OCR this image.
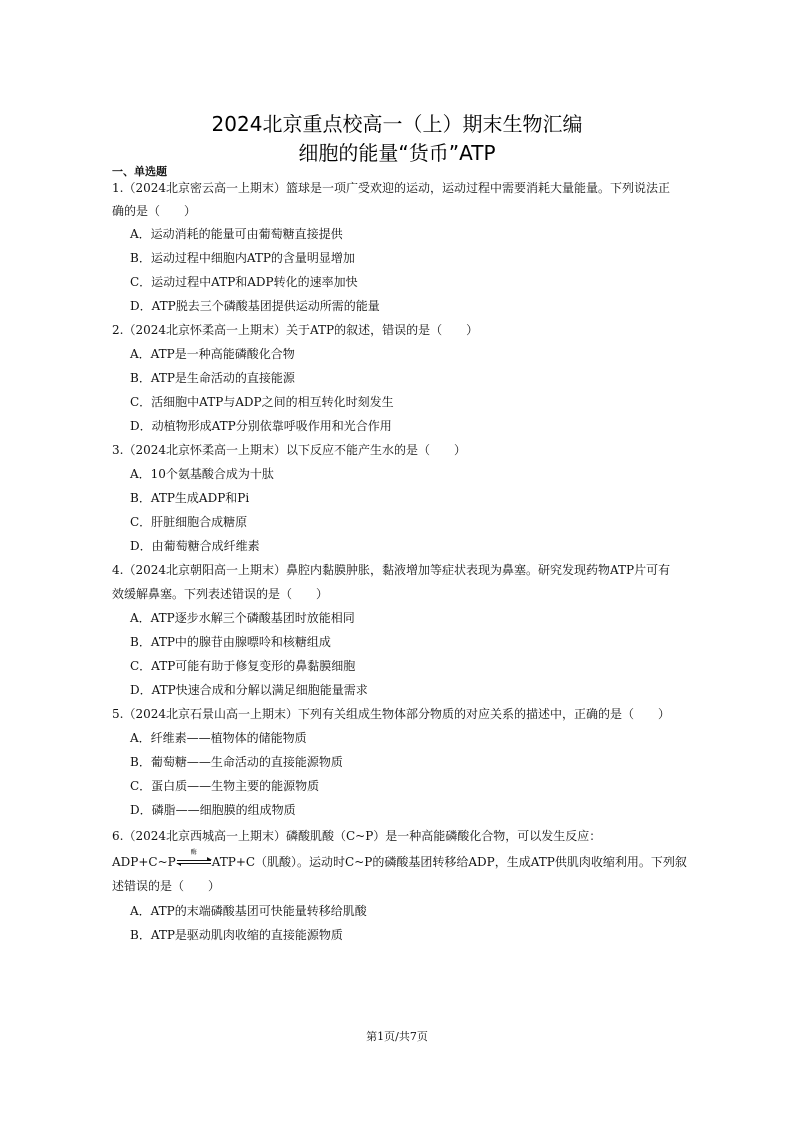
2024北京重点校高一（上）期末生物汇编
细胞的能量“货币”ATP
一、单选题
1.（2024北京密云高一上期末）篮球是一项广受欢迎的运动，运动过程中需要消耗大量能量。下列说法正
确的是（　　）
A．运动消耗的能量可由葡萄糖直接提供
B．运动过程中细胞内ATP的含量明显增加
C．运动过程中ATP和ADP转化的速率加快
D．ATP脱去三个磷酸基团提供运动所需的能量
2.（2024北京怀柔高一上期末）关于ATP的叙述，错误的是（　　）
A．ATP是一种高能磷酸化合物
B．ATP是生命活动的直接能源
C．活细胞中ATP与ADP之间的相互转化时刻发生
D．动植物形成ATP分别依靠呼吸作用和光合作用
3.（2024北京怀柔高一上期末）以下反应不能产生水的是（　　）
A．10个氨基酸合成为十肽
B．ATP生成ADP和Pi
C．肝脏细胞合成糖原
D．由葡萄糖合成纤维素
4.（2024北京朝阳高一上期末）鼻腔内黏膜肿胀，黏液增加等症状表现为鼻塞。研究发现药物ATP片可有
效缓解鼻塞。下列表述错误的是（　　）
A．ATP逐步水解三个磷酸基团时放能相同
B．ATP中的腺苷由腺嘌呤和核糖组成
C．ATP可能有助于修复变形的鼻黏膜细胞
D．ATP快速合成和分解以满足细胞能量需求
5.（2024北京石景山高一上期末）下列有关组成生物体部分物质的对应关系的描述中，正确的是（　　）
A．纤维素——植物体的储能物质
B．葡萄糖——生命活动的直接能源物质
C．蛋白质——生物主要的能源物质
D．磷脂——细胞膜的组成物质
6.（2024北京西城高一上期末）磷酸肌酸（C~P）是一种高能磷酸化合物，可以发生反应：
ADP+C~P
酶
ATP+C（肌酸）。运动时C~P的磷酸基团转移给ADP，生成ATP供肌肉收缩利用。下列叙
述错误的是（　　）
A．ATP的末端磷酸基团可快能量转移给肌酸
B．ATP是驱动肌肉收缩的直接能源物质
第1页/共7页
